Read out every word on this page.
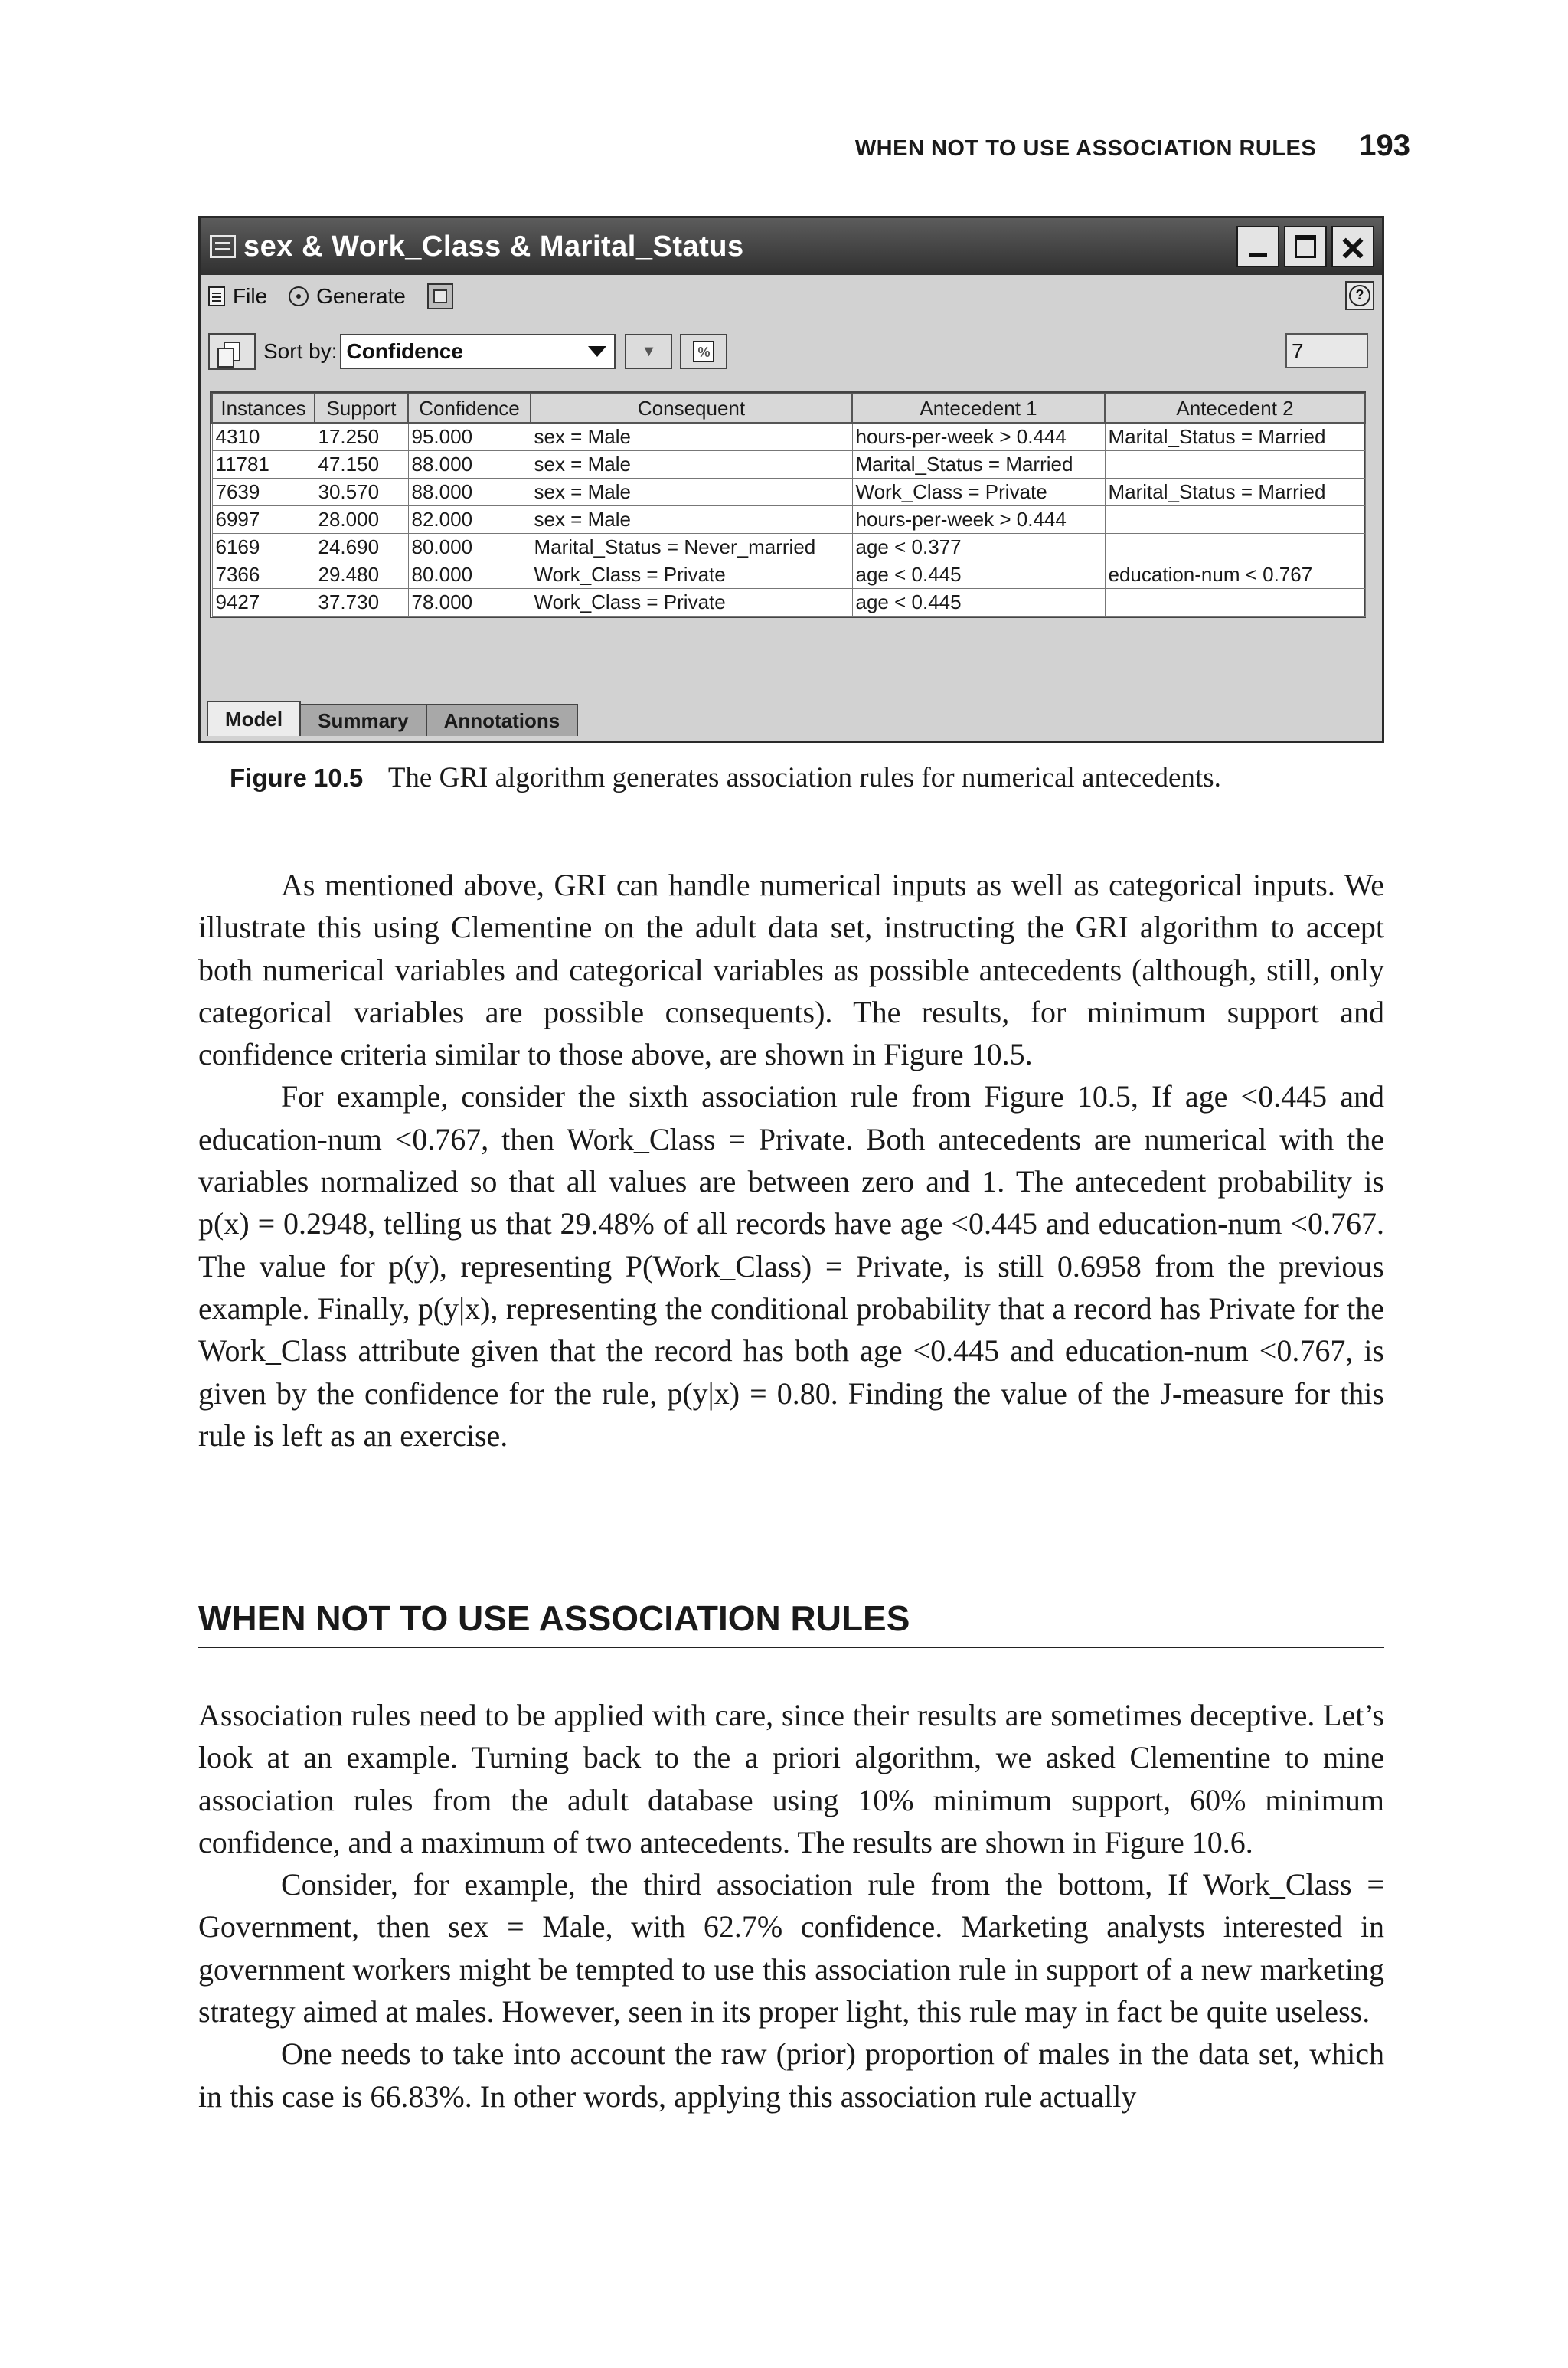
WHEN NOT TO USE ASSOCIATION RULES 193
sex & Work_Class & Marital_Status
File Generate	?
Sort by: Confidence	▼	%	7
Instances	Support	Confidence	Consequent	Antecedent 1	Antecedent 2
4310	17.250	95.000	sex = Male	hours-per-week > 0.444	Marital_Status = Married
11781	47.150	88.000	sex = Male	Marital_Status = Married	
7639	30.570	88.000	sex = Male	Work_Class = Private	Marital_Status = Married
6997	28.000	82.000	sex = Male	hours-per-week > 0.444	
6169	24.690	80.000	Marital_Status = Never_married	age < 0.377	
7366	29.480	80.000	Work_Class = Private	age < 0.445	education-num < 0.767
9427	37.730	78.000	Work_Class = Private	age < 0.445	
Model	Summary	Annotations
Figure 10.5 The GRI algorithm generates association rules for numerical antecedents.

As mentioned above, GRI can handle numerical inputs as well as categorical inputs. We illustrate this using Clementine on the adult data set, instructing the GRI algorithm to accept both numerical variables and categorical variables as possible antecedents (although, still, only categorical variables are possible consequents). The results, for minimum support and confidence criteria similar to those above, are shown in Figure 10.5.

For example, consider the sixth association rule from Figure 10.5, If age <0.445 and education-num <0.767, then Work_Class = Private. Both antecedents are numerical with the variables normalized so that all values are between zero and 1. The antecedent probability is p(x) = 0.2948, telling us that 29.48% of all records have age <0.445 and education-num <0.767. The value for p(y), representing P(Work_Class) = Private, is still 0.6958 from the previous example. Finally, p(y|x), representing the conditional probability that a record has Private for the Work_Class attribute given that the record has both age <0.445 and education-num <0.767, is given by the confidence for the rule, p(y|x) = 0.80. Finding the value of the J-measure for this rule is left as an exercise.

WHEN NOT TO USE ASSOCIATION RULES

Association rules need to be applied with care, since their results are sometimes deceptive. Let’s look at an example. Turning back to the a priori algorithm, we asked Clementine to mine association rules from the adult database using 10% minimum support, 60% minimum confidence, and a maximum of two antecedents. The results are shown in Figure 10.6.

Consider, for example, the third association rule from the bottom, If Work_Class = Government, then sex = Male, with 62.7% confidence. Marketing analysts interested in government workers might be tempted to use this association rule in support of a new marketing strategy aimed at males. However, seen in its proper light, this rule may in fact be quite useless.

One needs to take into account the raw (prior) proportion of males in the data set, which in this case is 66.83%. In other words, applying this association rule actually
